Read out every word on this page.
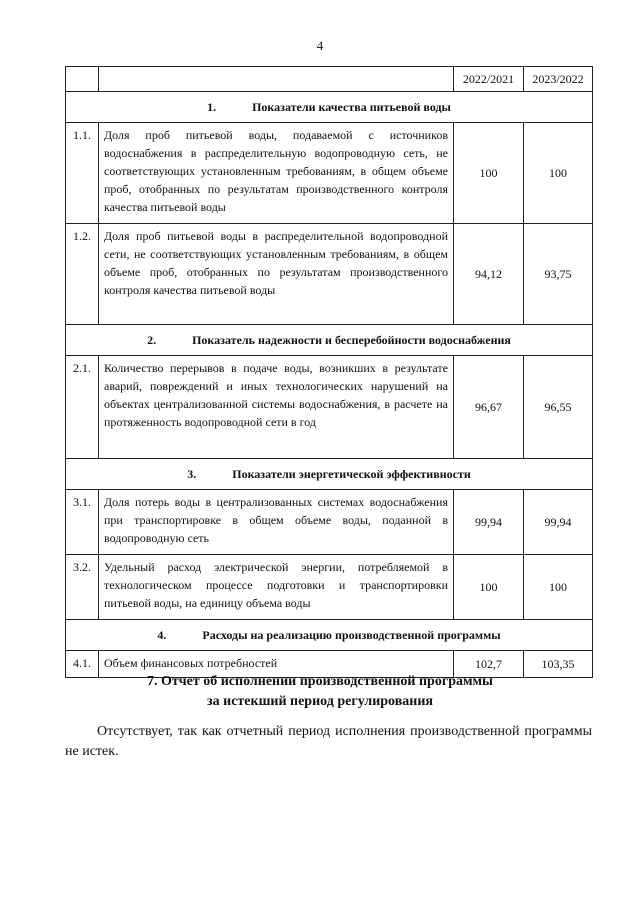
4
		2022/2021	2023/2022
1. Показатели качества питьевой воды			
1.1.	Доля проб питьевой воды, подаваемой с источников водоснабжения в распределительную водопроводную сеть, не соответствующих установленным требованиям, в общем объеме проб, отобранных по результатам производственного контроля качества питьевой воды	100	100
1.2.	Доля проб питьевой воды в распределительной водопроводной сети, не соответствующих установленным требованиям, в общем объеме проб, отобранных по результатам производственного контроля качества питьевой воды	94,12	93,75
2. Показатель надежности и бесперебойности водоснабжения			
2.1.	Количество перерывов в подаче воды, возникших в результате аварий, повреждений и иных технологических нарушений на объектах централизованной системы водоснабжения, в расчете на протяженность водопроводной сети в год	96,67	96,55
3. Показатели энергетической эффективности			
3.1.	Доля потерь воды в централизованных системах водоснабжения при транспортировке в общем объеме воды, поданной в водопроводную сеть	99,94	99,94
3.2.	Удельный расход электрической энергии, потребляемой в технологическом процессе подготовки и транспортировки питьевой воды, на единицу объема воды	100	100
4. Расходы на реализацию производственной программы			
4.1.	Объем финансовых потребностей	102,7	103,35
7. Отчет об исполнении производственной программы
за истекший период регулирования
Отсутствует, так как отчетный период исполнения производственной программы не истек.
